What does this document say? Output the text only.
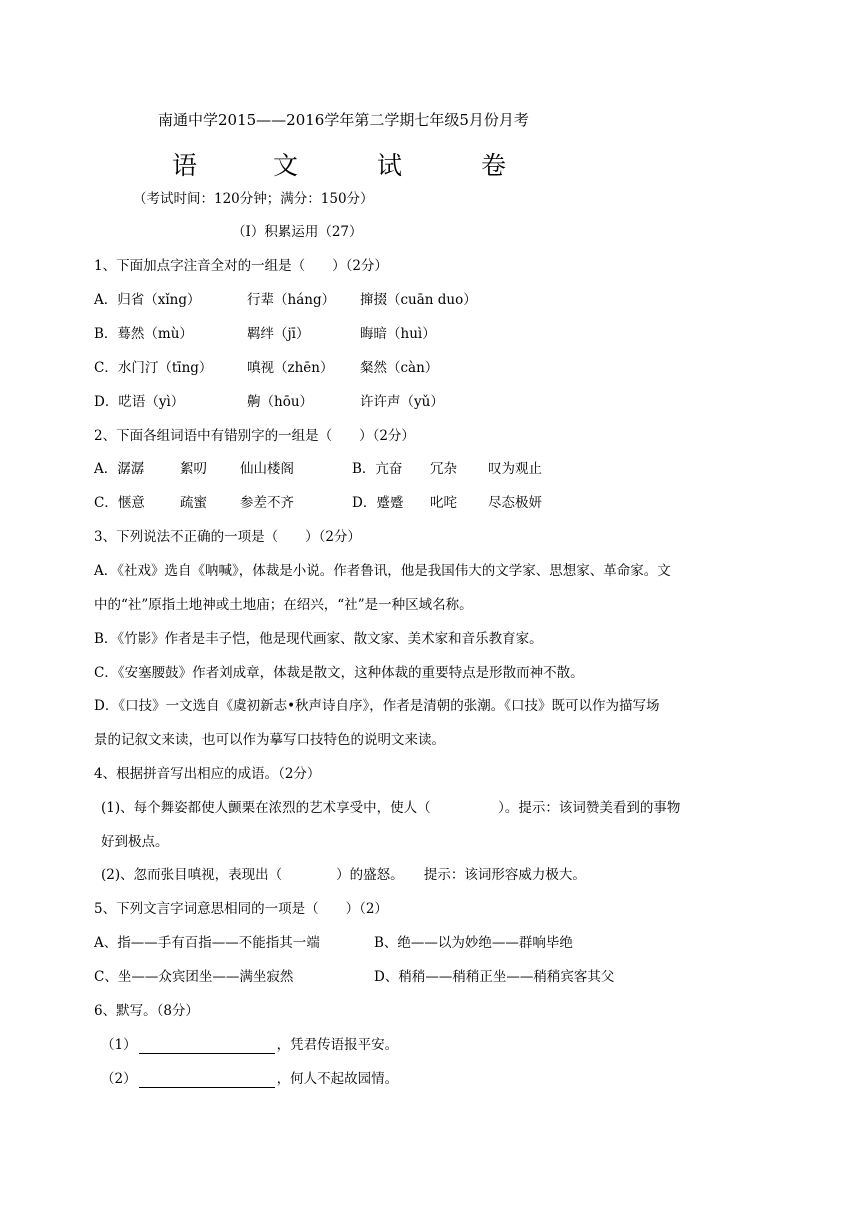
南通中学2015——2016学年第二学期七年级5月份月考
语	文	试	卷
（考试时间：120分钟；满分：150分）
（I）积累运用（27）
1、下面加点字注音全对的一组是（　　）（2分）
A．归省（xǐng）	行辈（háng） 撺掇（cuān duo）
B．蓦然（mù）	羁绊（jī）	晦暗（huì）
C．水门汀（tīng）	嗔视（zhēn） 粲然（càn）
D．呓语（yì）	齁（hōu）	许许声（yǔ）
2、下面各组词语中有错别字的一组是（　　）（2分）
A．潺潺	絮叨 仙山楼阁	B．亢奋 冗杂 叹为观止
C．惬意	疏蜜 参差不齐	D．蹙蹙 叱咤 尽态极妍
3、下列说法不正确的一项是（　　）（2分）
A．《社戏》选自《呐喊》，体裁是小说。作者鲁讯，他是我国伟大的文学家、思想家、革命家。文
中的“社”原指土地神或土地庙；在绍兴，“社”是一种区域名称。
B．《竹影》作者是丰子恺，他是现代画家、散文家、美术家和音乐教育家。
C．《安塞腰鼓》作者刘成章，体裁是散文，这种体裁的重要特点是形散而神不散。
D．《口技》一文选自《虞初新志•秋声诗自序》，作者是清朝的张潮。《口技》既可以作为描写场
景的记叙文来读，也可以作为摹写口技特色的说明文来读。
4、根据拼音写出相应的成语。（2分）
(1)、每个舞姿都使人颤栗在浓烈的艺术享受中，使人（　　　　　）。提示：该词赞美看到的事物
好到极点。
(2)、忽而张目嗔视，表现出（　　　　）的盛怒。　　提示：该词形容威力极大。
5、下列文言字词意思相同的一项是（　　）（2）
A、指——手有百指——不能指其一端	B、绝——以为妙绝——群响毕绝
C、坐——众宾团坐——满坐寂然	D、稍稍——稍稍正坐——稍稍宾客其父
6、默写。（8分）
（1）	，凭君传语报平安。
（2）	，何人不起故园情。
